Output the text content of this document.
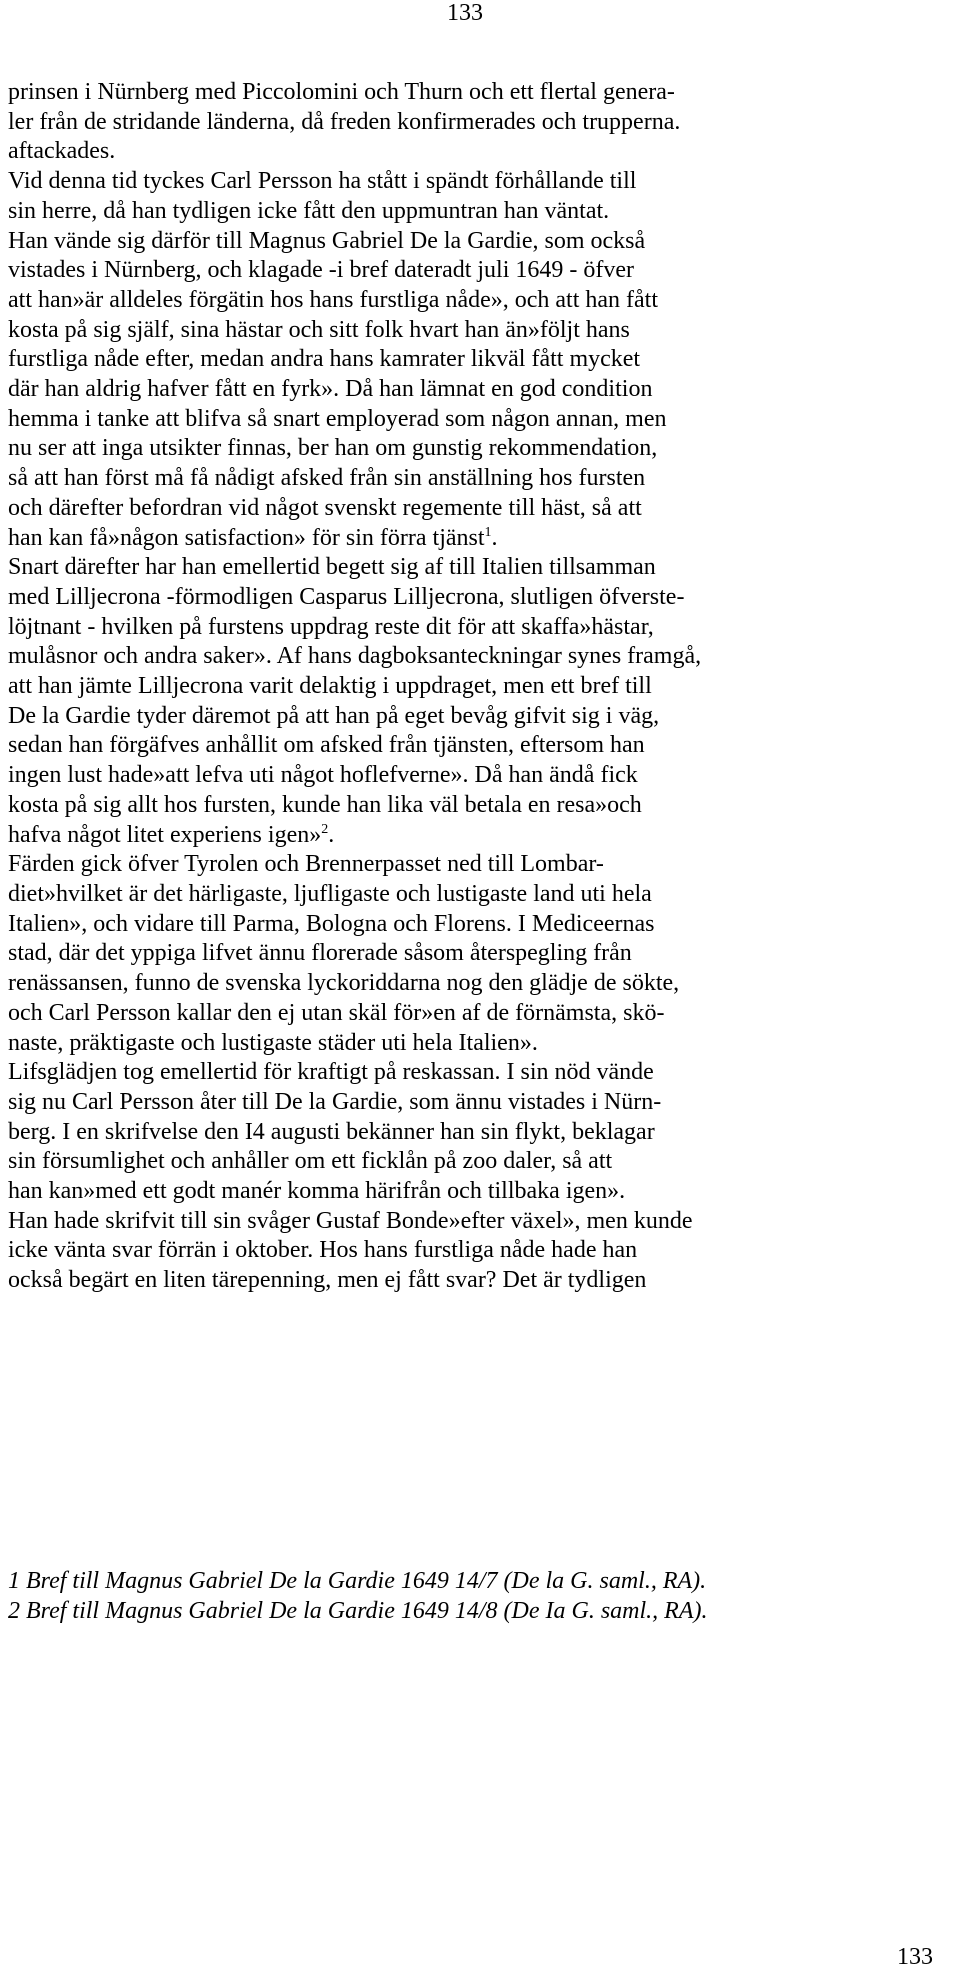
133
prinsen i Nürnberg med Piccolomini och Thurn och ett flertal genera-
ler från de stridande länderna, då freden konfirmerades och trupperna.
aftackades.
Vid denna tid tyckes Carl Persson ha stått i spändt förhållande till
sin herre, då han tydligen icke fått den uppmuntran han väntat.
Han vände sig därför till Magnus Gabriel De la Gardie, som också
vistades i Nürnberg, och klagade -i bref dateradt juli 1649 - öfver
att han»är alldeles förgätin hos hans furstliga nåde», och att han fått
kosta på sig själf, sina hästar och sitt folk hvart han än»följt hans
furstliga nåde efter, medan andra hans kamrater likväl fått mycket
där han aldrig hafver fått en fyrk». Då han lämnat en god condition
hemma i tanke att blifva så snart employerad som någon annan, men
nu ser att inga utsikter finnas, ber han om gunstig rekommendation,
så att han först må få nådigt afsked från sin anställning hos fursten
och därefter befordran vid något svenskt regemente till häst, så att
han kan få»någon satisfaction» för sin förra tjänst$^1$.
Snart därefter har han emellertid begett sig af till Italien tillsamman
med Lilljecrona -förmodligen Casparus Lilljecrona, slutligen öfverste-
löjtnant - hvilken på furstens uppdrag reste dit för att skaffa»hästar,
mulåsnor och andra saker». Af hans dagboksanteckningar synes framgå,
att han jämte Lilljecrona varit delaktig i uppdraget, men ett bref till
De la Gardie tyder däremot på att han på eget bevåg gifvit sig i väg,
sedan han förgäfves anhållit om afsked från tjänsten, eftersom han
ingen lust hade»att lefva uti något hoflefverne». Då han ändå fick
kosta på sig allt hos fursten, kunde han lika väl betala en resa»och
hafva något litet experiens igen»$^2$.
Färden gick öfver Tyrolen och Brennerpasset ned till Lombar-
diet»hvilket är det härligaste, ljufligaste och lustigaste land uti hela
Italien», och vidare till Parma, Bologna och Florens. I Mediceernas
stad, där det yppiga lifvet ännu florerade såsom återspegling från
renässansen, funno de svenska lyckoriddarna nog den glädje de sökte,
och Carl Persson kallar den ej utan skäl för»en af de förnämsta, skö-
naste, präktigaste och lustigaste städer uti hela Italien».
Lifsglädjen tog emellertid för kraftigt på reskassan. I sin nöd vände
sig nu Carl Persson åter till De la Gardie, som ännu vistades i Nürn-
berg. I en skrifvelse den I4 augusti bekänner han sin flykt, beklagar
sin försumlighet och anhåller om ett ficklån på zoo daler, så att
han kan»med ett godt manér komma härifrån och tillbaka igen».
Han hade skrifvit till sin svåger Gustaf Bonde»efter växel», men kunde
icke vänta svar förrän i oktober. Hos hans furstliga nåde hade han
också begärt en liten tärepenning, men ej fått svar? Det är tydligen
1 Bref till Magnus Gabriel De la Gardie 1649 14/7 (De la G. saml., RA).
2 Bref till Magnus Gabriel De la Gardie 1649 14/8 (De Ia G. saml., RA).
133
